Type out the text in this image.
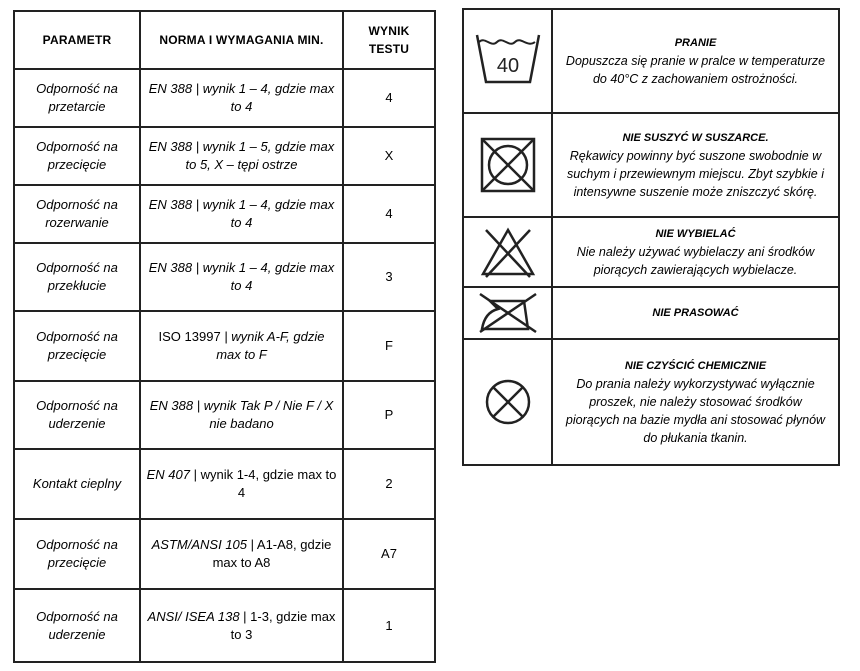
PARAMETR	NORMA I WYMAGANIA MIN.	WYNIK TESTU
Odporność na przetarcie	EN 388 | wynik 1 – 4, gdzie max to 4	4
Odporność na przecięcie	EN 388 | wynik 1 – 5, gdzie max to 5, X – tępi ostrze	X
Odporność na rozerwanie	EN 388 | wynik 1 – 4, gdzie max to 4	4
Odporność na przekłucie	EN 388 | wynik 1 – 4, gdzie max to 4	3
Odporność na przecięcie	ISO 13997 | wynik A-F, gdzie max to F	F
Odporność na uderzenie	EN 388 | wynik Tak P / Nie F / X nie badano	P
Kontakt cieplny	EN 407 | wynik 1-4, gdzie max to 4	2
Odporność na przecięcie	ASTM/ANSI 105 | A1-A8, gdzie max to A8	A7
Odporność na uderzenie	ANSI/ ISEA 138 | 1-3, gdzie max to 3	1
40	PRANIE
Dopuszcza się pranie w pralce w temperaturze do 40°C z zachowaniem ostrożności.

NIE SUSZYĆ W SUSZARCE.
Rękawicy powinny być suszone swobodnie w suchym i przewiewnym miejscu. Zbyt szybkie i intensywne suszenie może zniszczyć skórę.

NIE WYBIELAĆ
Nie należy używać wybielaczy ani środków piorących zawierających wybielacze.

NIE PRASOWAĆ

NIE CZYŚCIĆ CHEMICZNIE
Do prania należy wykorzystywać wyłącznie proszek, nie należy stosować środków piorących na bazie mydła ani stosować płynów do płukania tkanin.
